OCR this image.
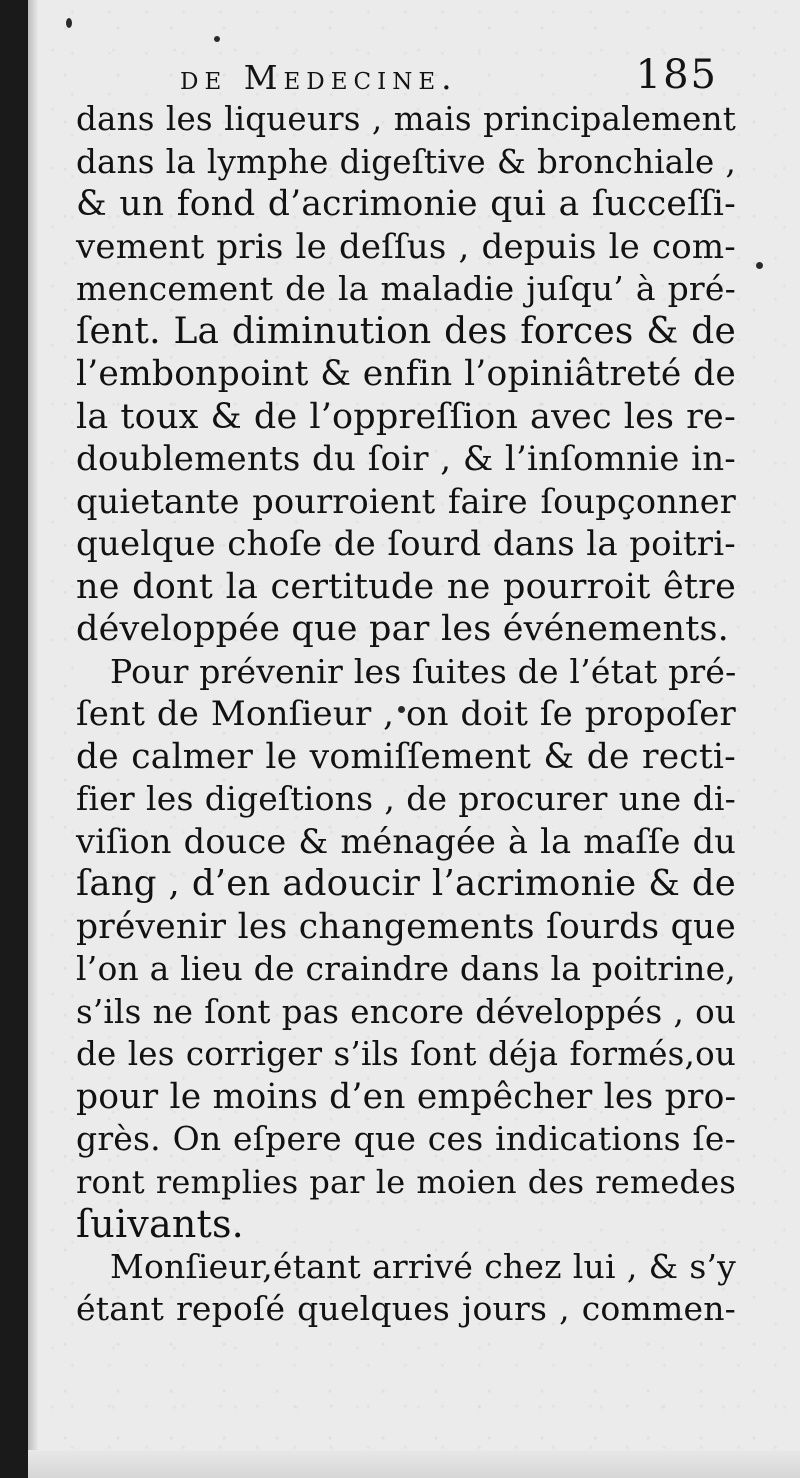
de Medecine.	185
dans les liqueurs , mais principalement
dans la lymphe digeſtive & bronchiale ,
& un fond d’acrimonie qui a ſucceſſi-
vement pris le deſſus , depuis le com-
mencement de la maladie juſqu’ à pré-
ſent. La diminution des forces & de
l’embonpoint & enfin l’opiniâtreté de
la toux & de l’oppreſſion avec les re-
doublements du ſoir , & l’inſomnie in-
quietante pourroient faire ſoupçonner
quelque choſe de ſourd dans la poitri-
ne dont la certitude ne pourroit être
développée que par les événements.
Pour prévenir les ſuites de l’état pré-
ſent de Monſieur , on doit ſe propoſer
de calmer le vomiſſement & de recti-
fier les digeſtions , de procurer une di-
viſion douce & ménagée à la maſſe du
ſang , d’en adoucir l’acrimonie & de
prévenir les changements ſourds que
l’on a lieu de craindre dans la poitrine,
s’ils ne ſont pas encore développés , ou
de les corriger s’ils ſont déja formés,ou
pour le moins d’en empêcher les pro-
grès. On eſpere que ces indications ſe-
ront remplies par le moien des remedes
ſuivants.
Monſieur,étant arrivé chez lui , & s’y
étant repoſé quelques jours , commen-
